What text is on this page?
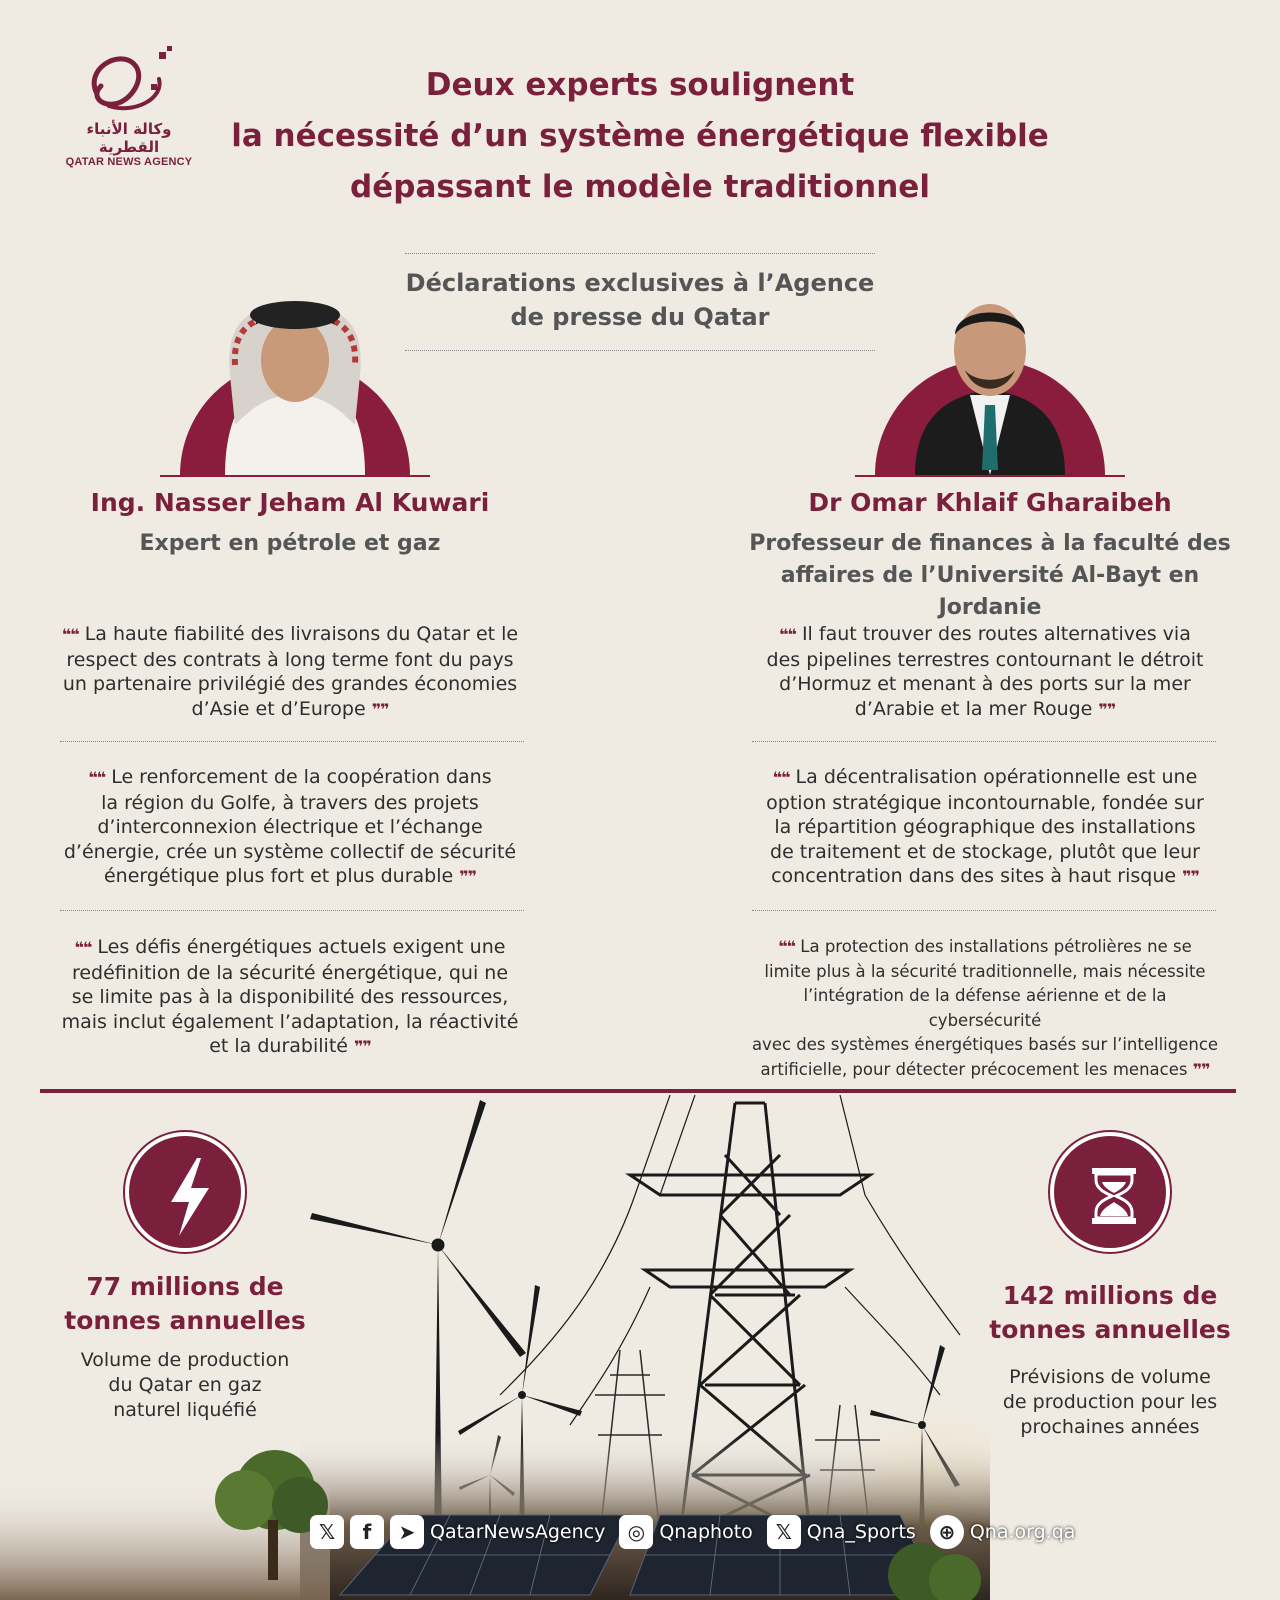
وكالة الأنباء القطرية
QATAR NEWS AGENCY
Deux experts soulignent
la nécessité d’un système énergétique flexible
dépassant le modèle traditionnel
Déclarations exclusives à l’Agence
de presse du Qatar
Ing. Nasser Jeham Al Kuwari
Expert en pétrole et gaz
Dr Omar Khlaif Gharaibeh
Professeur de finances à la faculté des
affaires de l’Université Al-Bayt en Jordanie
❝❝ La haute fiabilité des livraisons du Qatar et le
respect des contrats à long terme font du pays
un partenaire privilégié des grandes économies
d’Asie et d’Europe ❞❞
❝❝ Le renforcement de la coopération dans
la région du Golfe, à travers des projets
d’interconnexion électrique et l’échange
d’énergie, crée un système collectif de sécurité
énergétique plus fort et plus durable ❞❞
❝❝ Les défis énergétiques actuels exigent une
redéfinition de la sécurité énergétique, qui ne
se limite pas à la disponibilité des ressources,
mais inclut également l’adaptation, la réactivité
et la durabilité ❞❞
❝❝ Il faut trouver des routes alternatives via
des pipelines terrestres contournant le détroit
d’Hormuz et menant à des ports sur la mer
d’Arabie et la mer Rouge ❞❞
❝❝ La décentralisation opérationnelle est une
option stratégique incontournable, fondée sur
la répartition géographique des installations
de traitement et de stockage, plutôt que leur
concentration dans des sites à haut risque ❞❞
❝❝ La protection des installations pétrolières ne se
limite plus à la sécurité traditionnelle, mais nécessite
l’intégration de la défense aérienne et de la cybersécurité
avec des systèmes énergétiques basés sur l’intelligence
artificielle, pour détecter précocement les menaces ❞❞
77 millions de
tonnes annuelles
Volume de production
du Qatar en gaz
naturel liquéfié
142 millions de
tonnes annuelles
Prévisions de volume
de production pour les
prochaines années
𝕏	f	➤ QatarNewsAgency	◎ Qnaphoto	𝕏 Qna_Sports	⊕ Qna.org.qa
